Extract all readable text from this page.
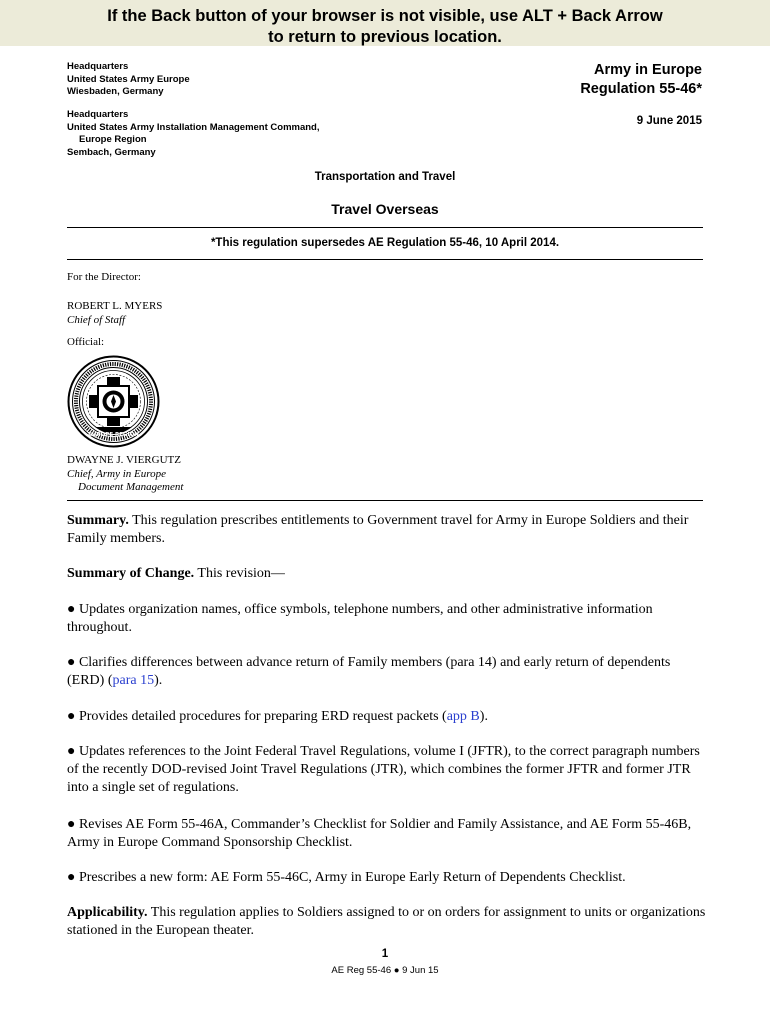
If the Back button of your browser is not visible, use ALT + Back Arrow
to return to previous location.
Headquarters
United States Army Europe
Wiesbaden, Germany
Headquarters
United States Army Installation Management Command,
Europe Region
Sembach, Germany
Army in Europe
Regulation 55-46*
9 June 2015
Transportation and Travel
Travel Overseas
*This regulation supersedes AE Regulation 55-46, 10 April 2014.
For the Director:
ROBERT L. MYERS
Chief of Staff
Official:
EUROPE REGION
DWAYNE J. VIERGUTZ
Chief, Army in Europe
Document Management
Summary. This regulation prescribes entitlements to Government travel for Army in Europe Soldiers and their Family members.
Summary of Change. This revision—
● Updates organization names, office symbols, telephone numbers, and other administrative information throughout.
● Clarifies differences between advance return of Family members (para 14) and early return of dependents (ERD) (para 15).
● Provides detailed procedures for preparing ERD request packets (app B).
● Updates references to the Joint Federal Travel Regulations, volume I (JFTR), to the correct paragraph numbers of the recently DOD-revised Joint Travel Regulations (JTR), which combines the former JFTR and former JTR into a single set of regulations.
● Revises AE Form 55-46A, Commander’s Checklist for Soldier and Family Assistance, and AE Form 55-46B, Army in Europe Command Sponsorship Checklist.
● Prescribes a new form: AE Form 55-46C, Army in Europe Early Return of Dependents Checklist.
Applicability. This regulation applies to Soldiers assigned to or on orders for assignment to units or organizations stationed in the European theater.
1
AE Reg 55-46 ● 9 Jun 15
